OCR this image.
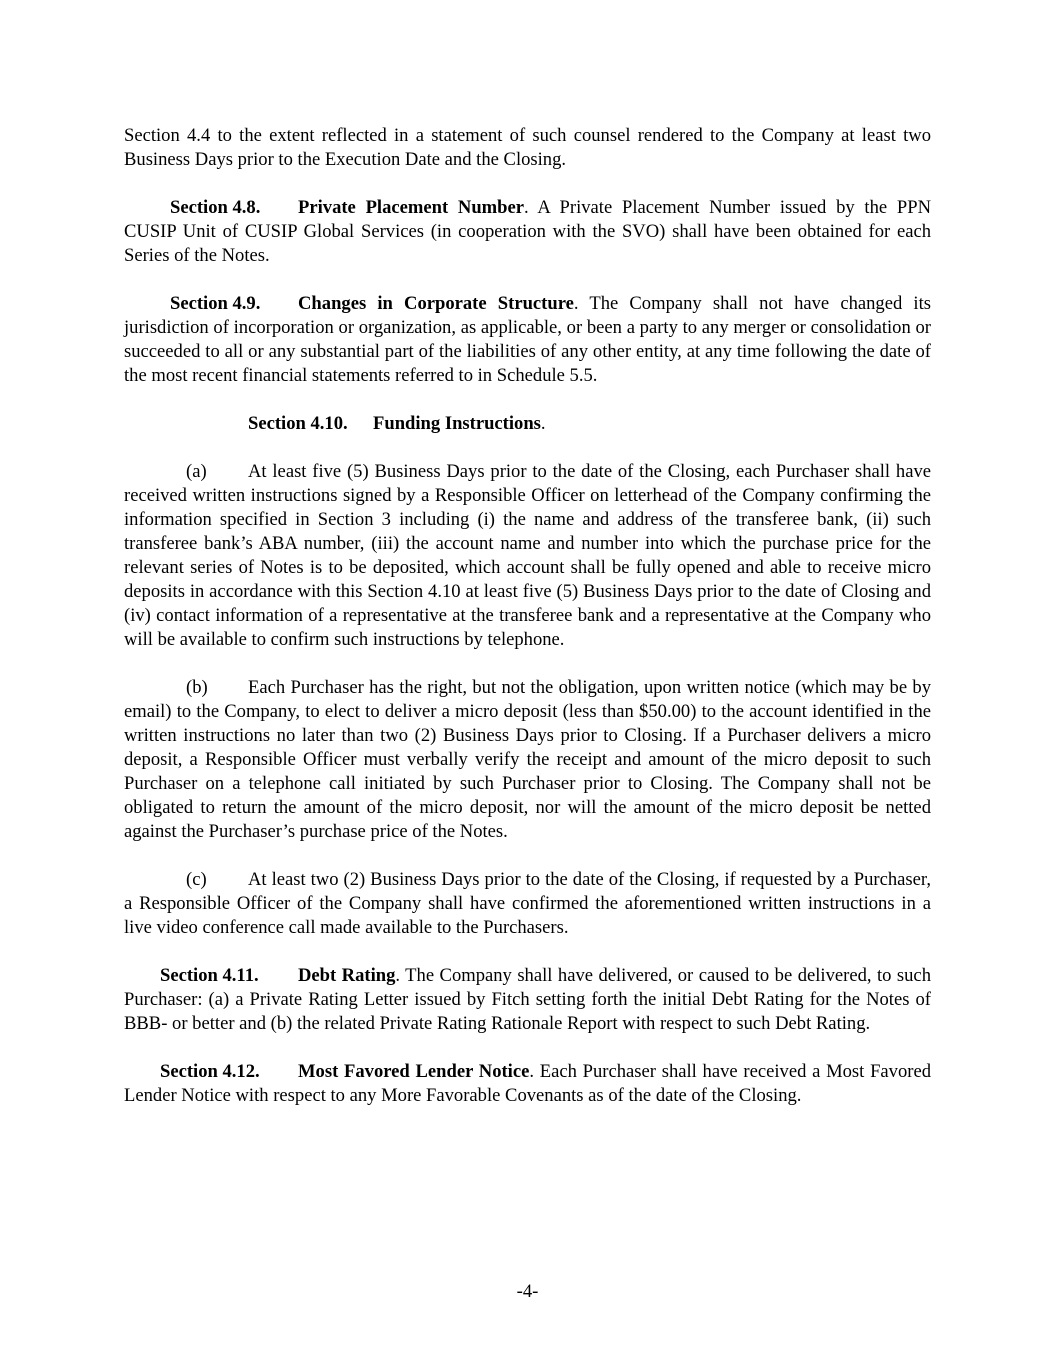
Section 4.4 to the extent reflected in a statement of such counsel rendered to the Company at least two Business Days prior to the Execution Date and the Closing.

Section 4.8. Private Placement Number. A Private Placement Number issued by the PPN CUSIP Unit of CUSIP Global Services (in cooperation with the SVO) shall have been obtained for each Series of the Notes.

Section 4.9. Changes in Corporate Structure. The Company shall not have changed its jurisdiction of incorporation or organization, as applicable, or been a party to any merger or consolidation or succeeded to all or any substantial part of the liabilities of any other entity, at any time following the date of the most recent financial statements referred to in Schedule 5.5.

Section 4.10. Funding Instructions.

(a) At least five (5) Business Days prior to the date of the Closing, each Purchaser shall have received written instructions signed by a Responsible Officer on letterhead of the Company confirming the information specified in Section 3 including (i) the name and address of the transferee bank, (ii) such transferee bank’s ABA number, (iii) the account name and number into which the purchase price for the relevant series of Notes is to be deposited, which account shall be fully opened and able to receive micro deposits in accordance with this Section 4.10 at least five (5) Business Days prior to the date of Closing and (iv) contact information of a representative at the transferee bank and a representative at the Company who will be available to confirm such instructions by telephone.

(b) Each Purchaser has the right, but not the obligation, upon written notice (which may be by email) to the Company, to elect to deliver a micro deposit (less than $50.00) to the account identified in the written instructions no later than two (2) Business Days prior to Closing. If a Purchaser delivers a micro deposit, a Responsible Officer must verbally verify the receipt and amount of the micro deposit to such Purchaser on a telephone call initiated by such Purchaser prior to Closing. The Company shall not be obligated to return the amount of the micro deposit, nor will the amount of the micro deposit be netted against the Purchaser’s purchase price of the Notes.

(c) At least two (2) Business Days prior to the date of the Closing, if requested by a Purchaser, a Responsible Officer of the Company shall have confirmed the aforementioned written instructions in a live video conference call made available to the Purchasers.

Section 4.11. Debt Rating. The Company shall have delivered, or caused to be delivered, to such Purchaser: (a) a Private Rating Letter issued by Fitch setting forth the initial Debt Rating for the Notes of BBB- or better and (b) the related Private Rating Rationale Report with respect to such Debt Rating.

Section 4.12. Most Favored Lender Notice. Each Purchaser shall have received a Most Favored Lender Notice with respect to any More Favorable Covenants as of the date of the Closing.

-4-
